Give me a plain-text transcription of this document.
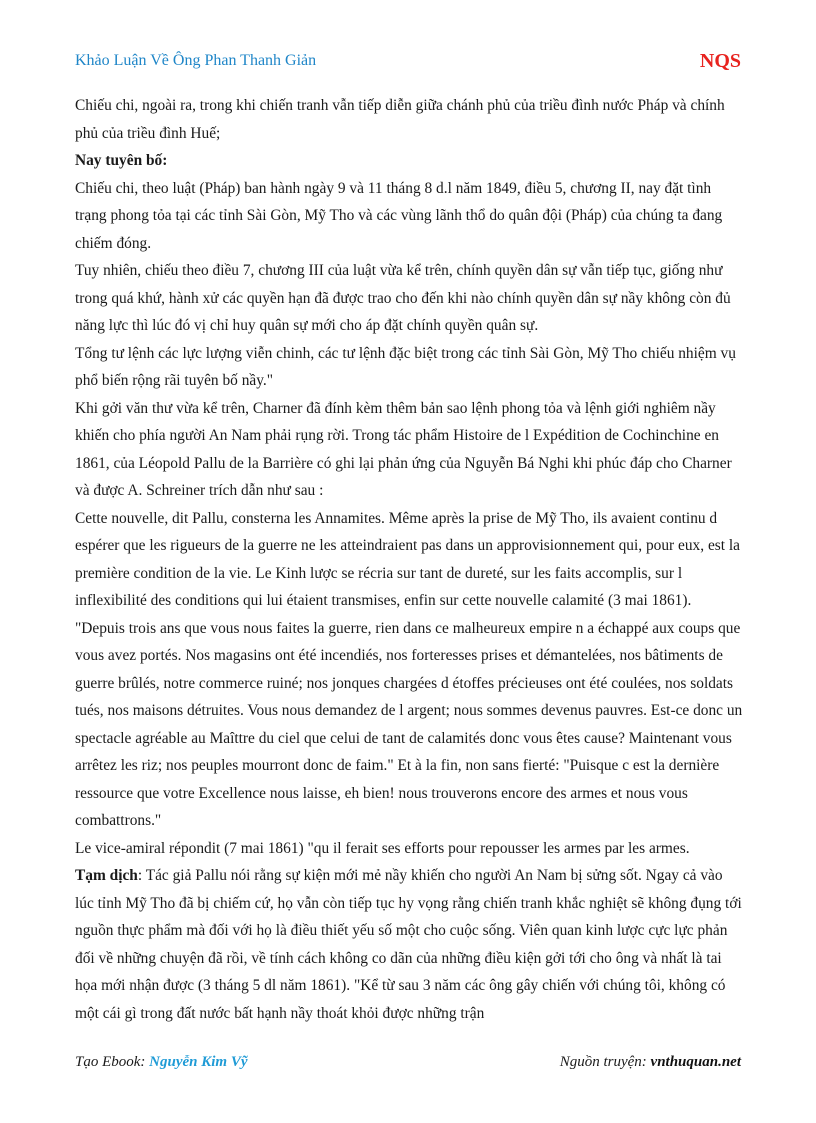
Khảo Luận Về Ông Phan Thanh Giản	NQS

Chiếu chi, ngoài ra, trong khi chiến tranh vẫn tiếp diễn giữa chánh phủ của triều đình nước Pháp và chính phủ của triều đình Huế;

Nay tuyên bố:

Chiếu chi, theo luật (Pháp) ban hành ngày 9 và 11 tháng 8 d.l năm 1849, điều 5, chương II, nay đặt tình trạng phong tỏa tại các tỉnh Sài Gòn, Mỹ Tho và các vùng lãnh thổ do quân đội (Pháp) của chúng ta đang chiếm đóng.

Tuy nhiên, chiếu theo điều 7, chương III của luật vừa kể trên, chính quyền dân sự vẫn tiếp tục, giống như trong quá khứ, hành xử các quyền hạn đã được trao cho đến khi nào chính quyền dân sự nầy không còn đủ năng lực thì lúc đó vị chỉ huy quân sự mới cho áp đặt chính quyền quân sự.

Tổng tư lệnh các lực lượng viễn chinh, các tư lệnh đặc biệt trong các tỉnh Sài Gòn, Mỹ Tho chiếu nhiệm vụ phổ biến rộng rãi tuyên bố nầy."

Khi gởi văn thư vừa kể trên, Charner đã đính kèm thêm bản sao lệnh phong tỏa và lệnh giới nghiêm nầy khiến cho phía người An Nam phải rụng rời. Trong tác phẩm Histoire de l Expédition de Cochinchine en 1861, của Léopold Pallu de la Barrière có ghi lại phản ứng của Nguyễn Bá Nghi khi phúc đáp cho Charner và được A. Schreiner trích dẫn như sau :

Cette nouvelle, dit Pallu, consterna les Annamites. Même après la prise de Mỹ Tho, ils avaient continu d espérer que les rigueurs de la guerre ne les atteindraient pas dans un approvisionnement qui, pour eux, est la première condition de la vie. Le Kinh lược se récria sur tant de dureté, sur les faits accomplis, sur l inflexibilité des conditions qui lui étaient transmises, enfin sur cette nouvelle calamité (3 mai 1861). "Depuis trois ans que vous nous faites la guerre, rien dans ce malheureux empire n a échappé aux coups que vous avez portés. Nos magasins ont été incendiés, nos forteresses prises et démantelées, nos bâtiments de guerre brûlés, notre commerce ruiné; nos jonques chargées d étoffes précieuses ont été coulées, nos soldats tués, nos maisons détruites. Vous nous demandez de l argent; nous sommes devenus pauvres. Est-ce donc un spectacle agréable au Maîttre du ciel que celui de tant de calamités donc vous êtes cause? Maintenant vous arrêtez les riz; nos peuples mourront donc de faim." Et à la fin, non sans fierté: "Puisque c est la dernière ressource que votre Excellence nous laisse, eh bien! nous trouverons encore des armes et nous vous combattrons."

Le vice-amiral répondit (7 mai 1861) "qu il ferait ses efforts pour repousser les armes par les armes.

Tạm dịch: Tác giả Pallu nói rằng sự kiện mới mẻ nầy khiến cho người An Nam bị sửng sốt. Ngay cả vào lúc tỉnh Mỹ Tho đã bị chiếm cứ, họ vẫn còn tiếp tục hy vọng rằng chiến tranh khắc nghiệt sẽ không đụng tới nguồn thực phẩm mà đối với họ là điều thiết yếu số một cho cuộc sống. Viên quan kinh lược cực lực phản đối về những chuyện đã rồi, về tính cách không co dãn của những điều kiện gởi tới cho ông và nhất là tai họa mới nhận được (3 tháng 5 dl năm 1861). "Kể từ sau 3 năm các ông gây chiến với chúng tôi, không có một cái gì trong đất nước bất hạnh nầy thoát khỏi được những trận

Tạo Ebook: Nguyễn Kim Vỹ	Nguồn truyện: vnthuquan.net
